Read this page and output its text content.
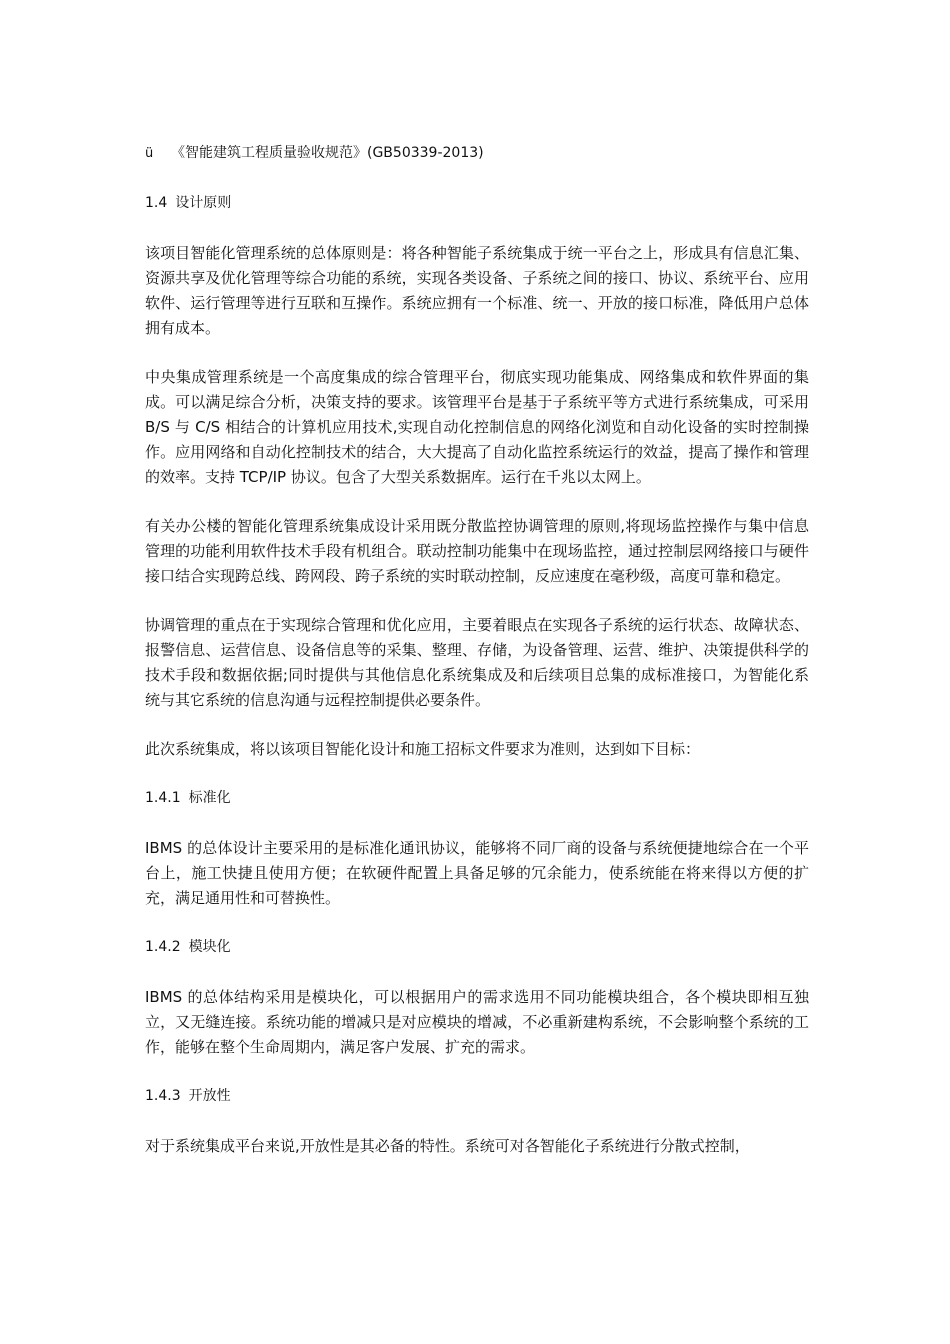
ü 《智能建筑工程质量验收规范》(GB50339-2013)
1.4 设计原则

该项目智能化管理系统的总体原则是：将各种智能子系统集成于统一平台之上，形成具有信息汇集、资源共享及优化管理等综合功能的系统，实现各类设备、子系统之间的接口、协议、系统平台、应用软件、运行管理等进行互联和互操作。系统应拥有一个标准、统一、开放的接口标准，降低用户总体拥有成本。

中央集成管理系统是一个高度集成的综合管理平台，彻底实现功能集成、网络集成和软件界面的集成。可以满足综合分析，决策支持的要求。该管理平台是基于子系统平等方式进行系统集成，可采用 B/S 与 C/S 相结合的计算机应用技术,实现自动化控制信息的网络化浏览和自动化设备的实时控制操作。应用网络和自动化控制技术的结合，大大提高了自动化监控系统运行的效益，提高了操作和管理的效率。支持 TCP/IP 协议。包含了大型关系数据库。运行在千兆以太网上。

有关办公楼的智能化管理系统集成设计采用既分散监控协调管理的原则,将现场监控操作与集中信息管理的功能利用软件技术手段有机组合。联动控制功能集中在现场监控，通过控制层网络接口与硬件接口结合实现跨总线、跨网段、跨子系统的实时联动控制，反应速度在毫秒级，高度可靠和稳定。

协调管理的重点在于实现综合管理和优化应用，主要着眼点在实现各子系统的运行状态、故障状态、报警信息、运营信息、设备信息等的采集、整理、存储，为设备管理、运营、维护、决策提供科学的技术手段和数据依据;同时提供与其他信息化系统集成及和后续项目总集的成标准接口，为智能化系统与其它系统的信息沟通与远程控制提供必要条件。

此次系统集成，将以该项目智能化设计和施工招标文件要求为准则，达到如下目标：

1.4.1 标准化

IBMS 的总体设计主要采用的是标准化通讯协议，能够将不同厂商的设备与系统便捷地综合在一个平台上，施工快捷且使用方便；在软硬件配置上具备足够的冗余能力，使系统能在将来得以方便的扩充，满足通用性和可替换性。

1.4.2 模块化

IBMS 的总体结构采用是模块化，可以根据用户的需求选用不同功能模块组合，各个模块即相互独立，又无缝连接。系统功能的增减只是对应模块的增减，不必重新建构系统，不会影响整个系统的工作，能够在整个生命周期内，满足客户发展、扩充的需求。

1.4.3 开放性

对于系统集成平台来说,开放性是其必备的特性。系统可对各智能化子系统进行分散式控制，
